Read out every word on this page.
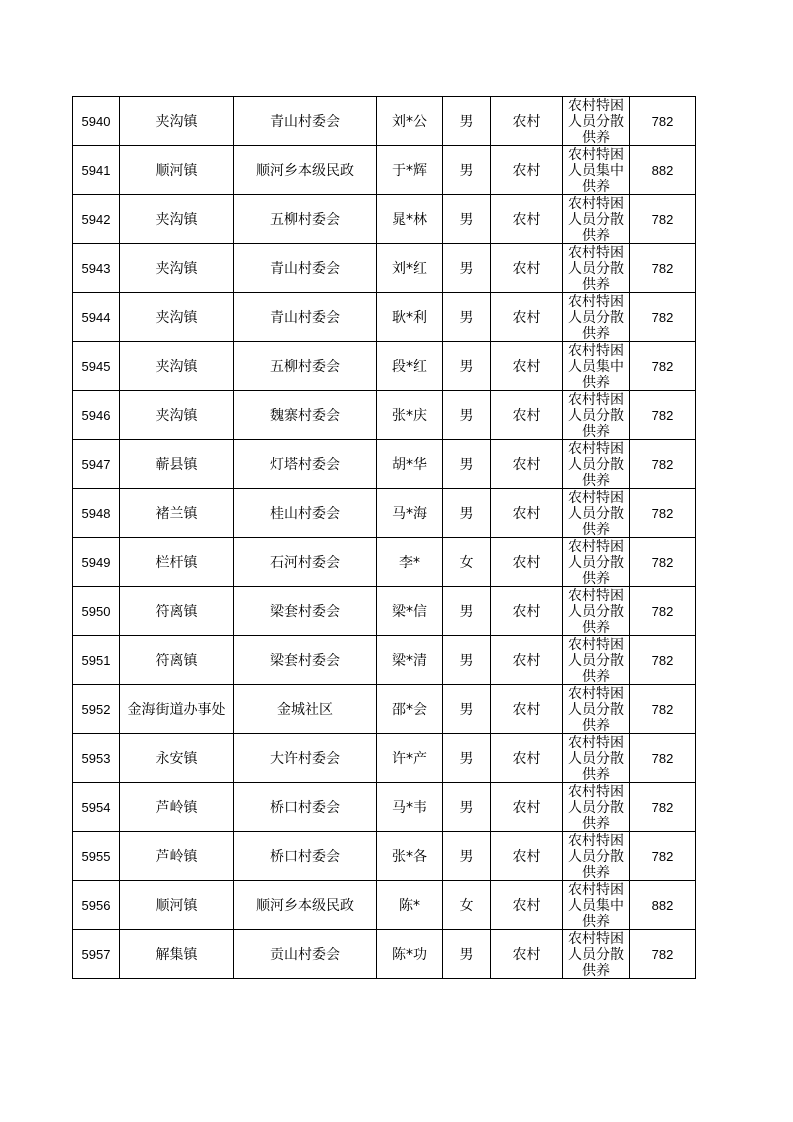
5940	夹沟镇	青山村委会	刘*公	男	农村	农村特困人员分散供养	782
5941	顺河镇	顺河乡本级民政	于*辉	男	农村	农村特困人员集中供养	882
5942	夹沟镇	五柳村委会	晁*林	男	农村	农村特困人员分散供养	782
5943	夹沟镇	青山村委会	刘*红	男	农村	农村特困人员分散供养	782
5944	夹沟镇	青山村委会	耿*利	男	农村	农村特困人员分散供养	782
5945	夹沟镇	五柳村委会	段*红	男	农村	农村特困人员集中供养	782
5946	夹沟镇	魏寨村委会	张*庆	男	农村	农村特困人员分散供养	782
5947	蕲县镇	灯塔村委会	胡*华	男	农村	农村特困人员分散供养	782
5948	褚兰镇	桂山村委会	马*海	男	农村	农村特困人员分散供养	782
5949	栏杆镇	石河村委会	李*	女	农村	农村特困人员分散供养	782
5950	符离镇	梁套村委会	梁*信	男	农村	农村特困人员分散供养	782
5951	符离镇	梁套村委会	梁*清	男	农村	农村特困人员分散供养	782
5952	金海街道办事处	金城社区	邵*会	男	农村	农村特困人员分散供养	782
5953	永安镇	大许村委会	许*产	男	农村	农村特困人员分散供养	782
5954	芦岭镇	桥口村委会	马*韦	男	农村	农村特困人员分散供养	782
5955	芦岭镇	桥口村委会	张*各	男	农村	农村特困人员分散供养	782
5956	顺河镇	顺河乡本级民政	陈*	女	农村	农村特困人员集中供养	882
5957	解集镇	贡山村委会	陈*功	男	农村	农村特困人员分散供养	782
